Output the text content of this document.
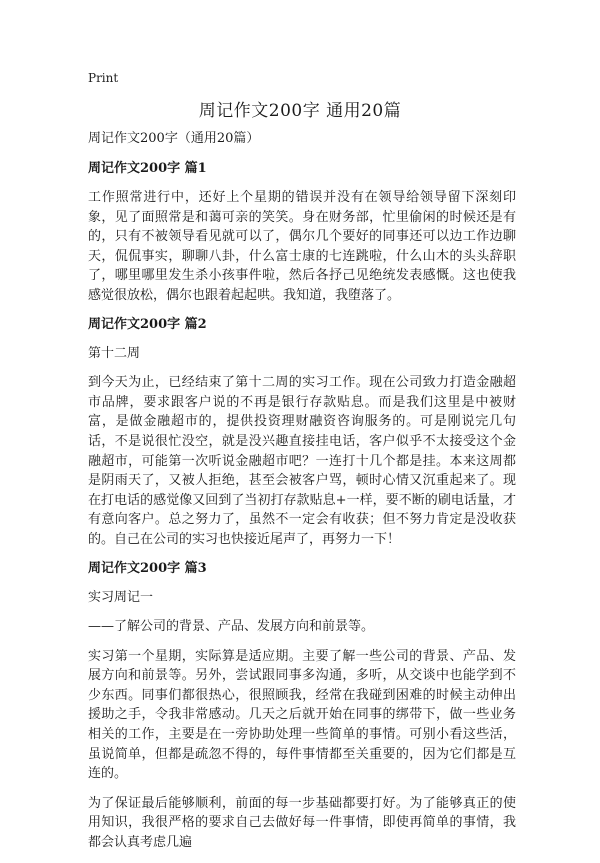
Print
周记作文200字 通用20篇

周记作文200字（通用20篇）

周记作文200字 篇1

工作照常进行中，还好上个星期的错误并没有在领导给领导留下深刻印象，见了面照常是和蔼可亲的笑笑。身在财务部，忙里偷闲的时候还是有的，只有不被领导看见就可以了，偶尔几个要好的同事还可以边工作边聊天，侃侃事实，聊聊八卦，什么富士康的七连跳啦，什么山木的头头辞职了，哪里哪里发生杀小孩事件啦，然后各抒己见绝统发表感慨。这也使我感觉很放松，偶尔也跟着起起哄。我知道，我堕落了。

周记作文200字 篇2

第十二周

到今天为止，已经结束了第十二周的实习工作。现在公司致力打造金融超市品牌，要求跟客户说的不再是银行存款贴息。而是我们这里是中被财富，是做金融超市的，提供投资理财融资咨询服务的。可是刚说完几句话，不是说很忙没空，就是没兴趣直接挂电话，客户似乎不太接受这个金融超市，可能第一次听说金融超市吧？一连打十几个都是挂。本来这周都是阴雨天了，又被人拒绝，甚至会被客户骂，顿时心情又沉重起来了。现在打电话的感觉像又回到了当初打存款贴息+一样，要不断的刷电话量，才有意向客户。总之努力了，虽然不一定会有收获；但不努力肯定是没收获的。自己在公司的实习也快接近尾声了，再努力一下！

周记作文200字 篇3

实习周记一

——了解公司的背景、产品、发展方向和前景等。

实习第一个星期，实际算是适应期。主要了解一些公司的背景、产品、发展方向和前景等。另外，尝试跟同事多沟通，多听，从交谈中也能学到不少东西。同事们都很热心，很照顾我，经常在我碰到困难的时候主动伸出援助之手，令我非常感动。几天之后就开始在同事的绑带下，做一些业务相关的工作，主要是在一旁协助处理一些简单的事情。可别小看这些活，虽说简单，但都是疏忽不得的，每件事情都至关重要的，因为它们都是互连的。

为了保证最后能够顺利，前面的每一步基础都要打好。为了能够真正的使用知识，我很严格的要求自己去做好每一件事情，即使再简单的事情，我都会认真考虑几遍
